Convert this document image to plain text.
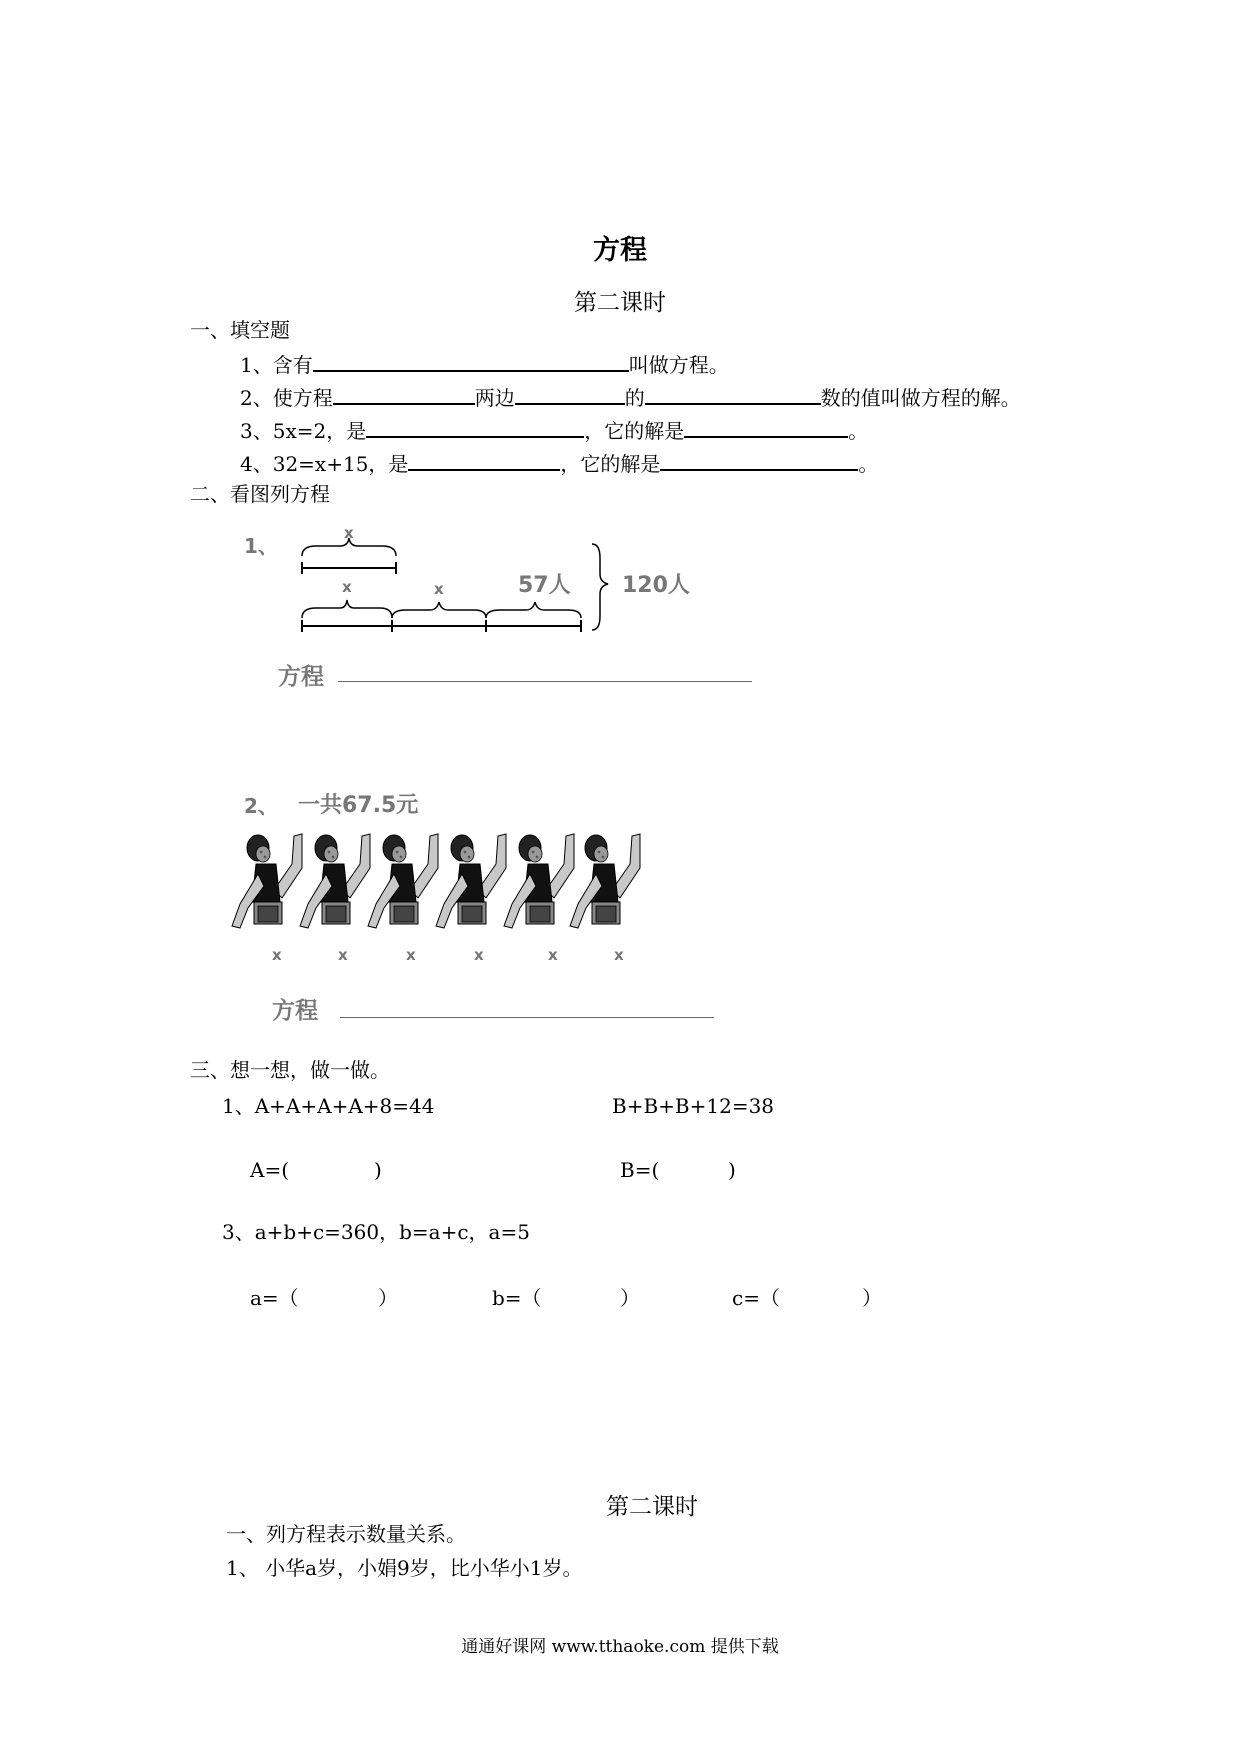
方程
第二课时
一、填空题
1、含有	叫做方程。
2、使方程	两边	的	数的值叫做方程的解。
3、5x=2，是	，它的解是	。
4、32=x+15，是	，它的解是	。
二、看图列方程
1、
x
x	x	57人 120人
方程
2、 一共67.5元
x	x	x	x	x	x
方程
三、想一想，做一做。
1、A+A+A+A+8=44	B+B+B+12=38
A=(	)	B=(	)
3、a+b+c=360，b=a+c，a=5
a=（	）	b=（	）	c=（	）
第二课时
一、列方程表示数量关系。
1、 小华a岁，小娟9岁，比小华小1岁。
通通好课网 www.tthaoke.com 提供下载
